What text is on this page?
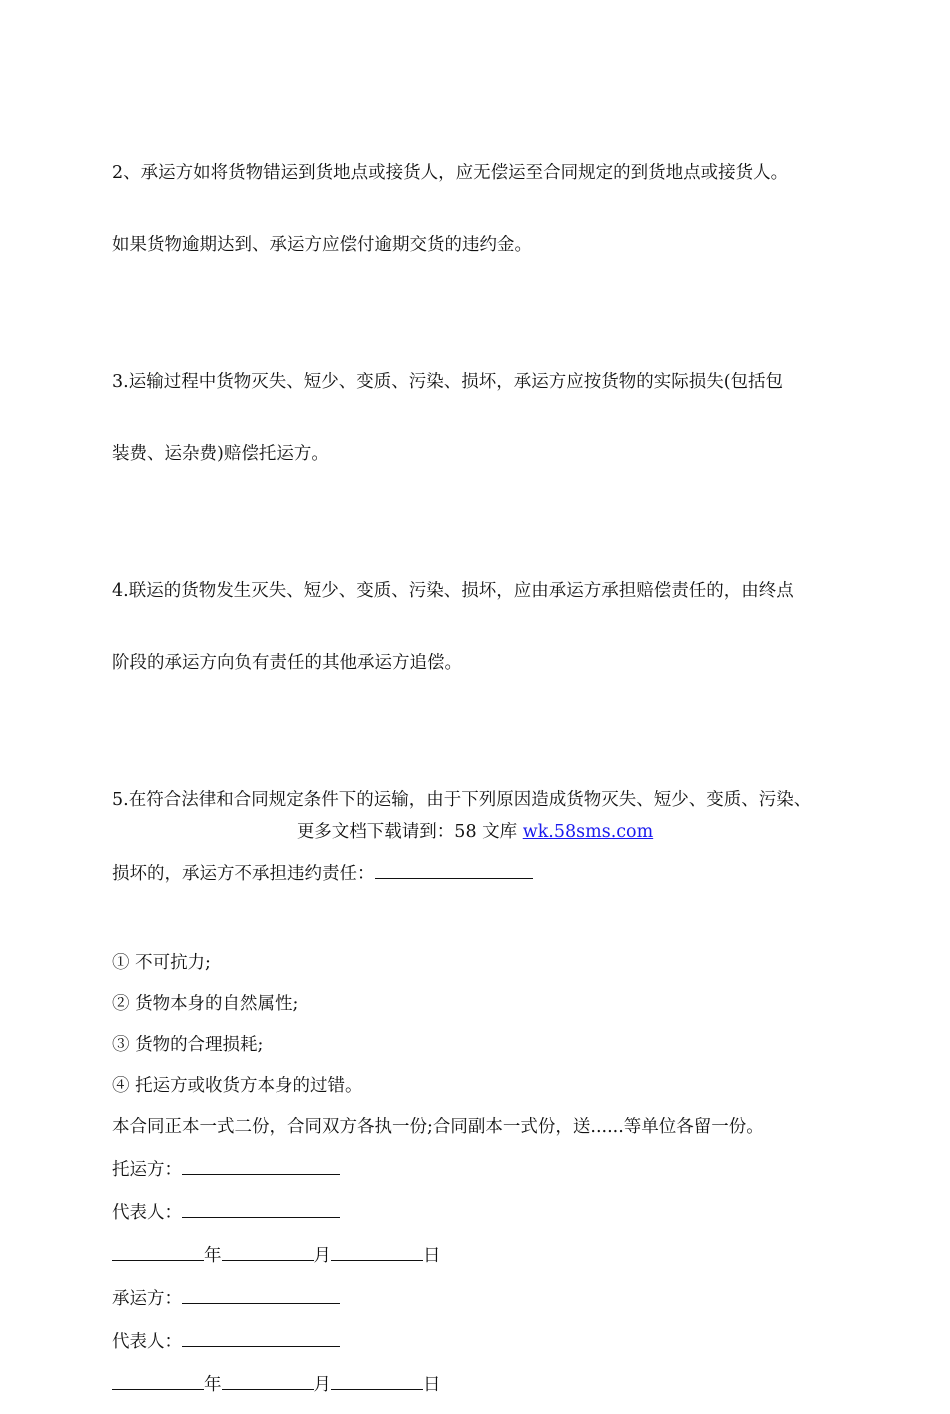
2、承运方如将货物错运到货地点或接货人，应无偿运至合同规定的到货地点或接货人。

如果货物逾期达到、承运方应偿付逾期交货的违约金。

3.运输过程中货物灭失、短少、变质、污染、损坏，承运方应按货物的实际损失(包括包

装费、运杂费)赔偿托运方。

4.联运的货物发生灭失、短少、变质、污染、损坏，应由承运方承担赔偿责任的，由终点

阶段的承运方向负有责任的其他承运方追偿。

5.在符合法律和合同规定条件下的运输，由于下列原因造成货物灭失、短少、变质、污染、

损坏的，承运方不承担违约责任：

① 不可抗力;

② 货物本身的自然属性;

③ 货物的合理损耗;

④ 托运方或收货方本身的过错。

本合同正本一式二份，合同双方各执一份;合同副本一式份，送......等单位各留一份。

托运方：

代表人：

年	月	日

承运方：

代表人：

年	月	日

更多文档下载请到：58 文库 wk.58sms.com
